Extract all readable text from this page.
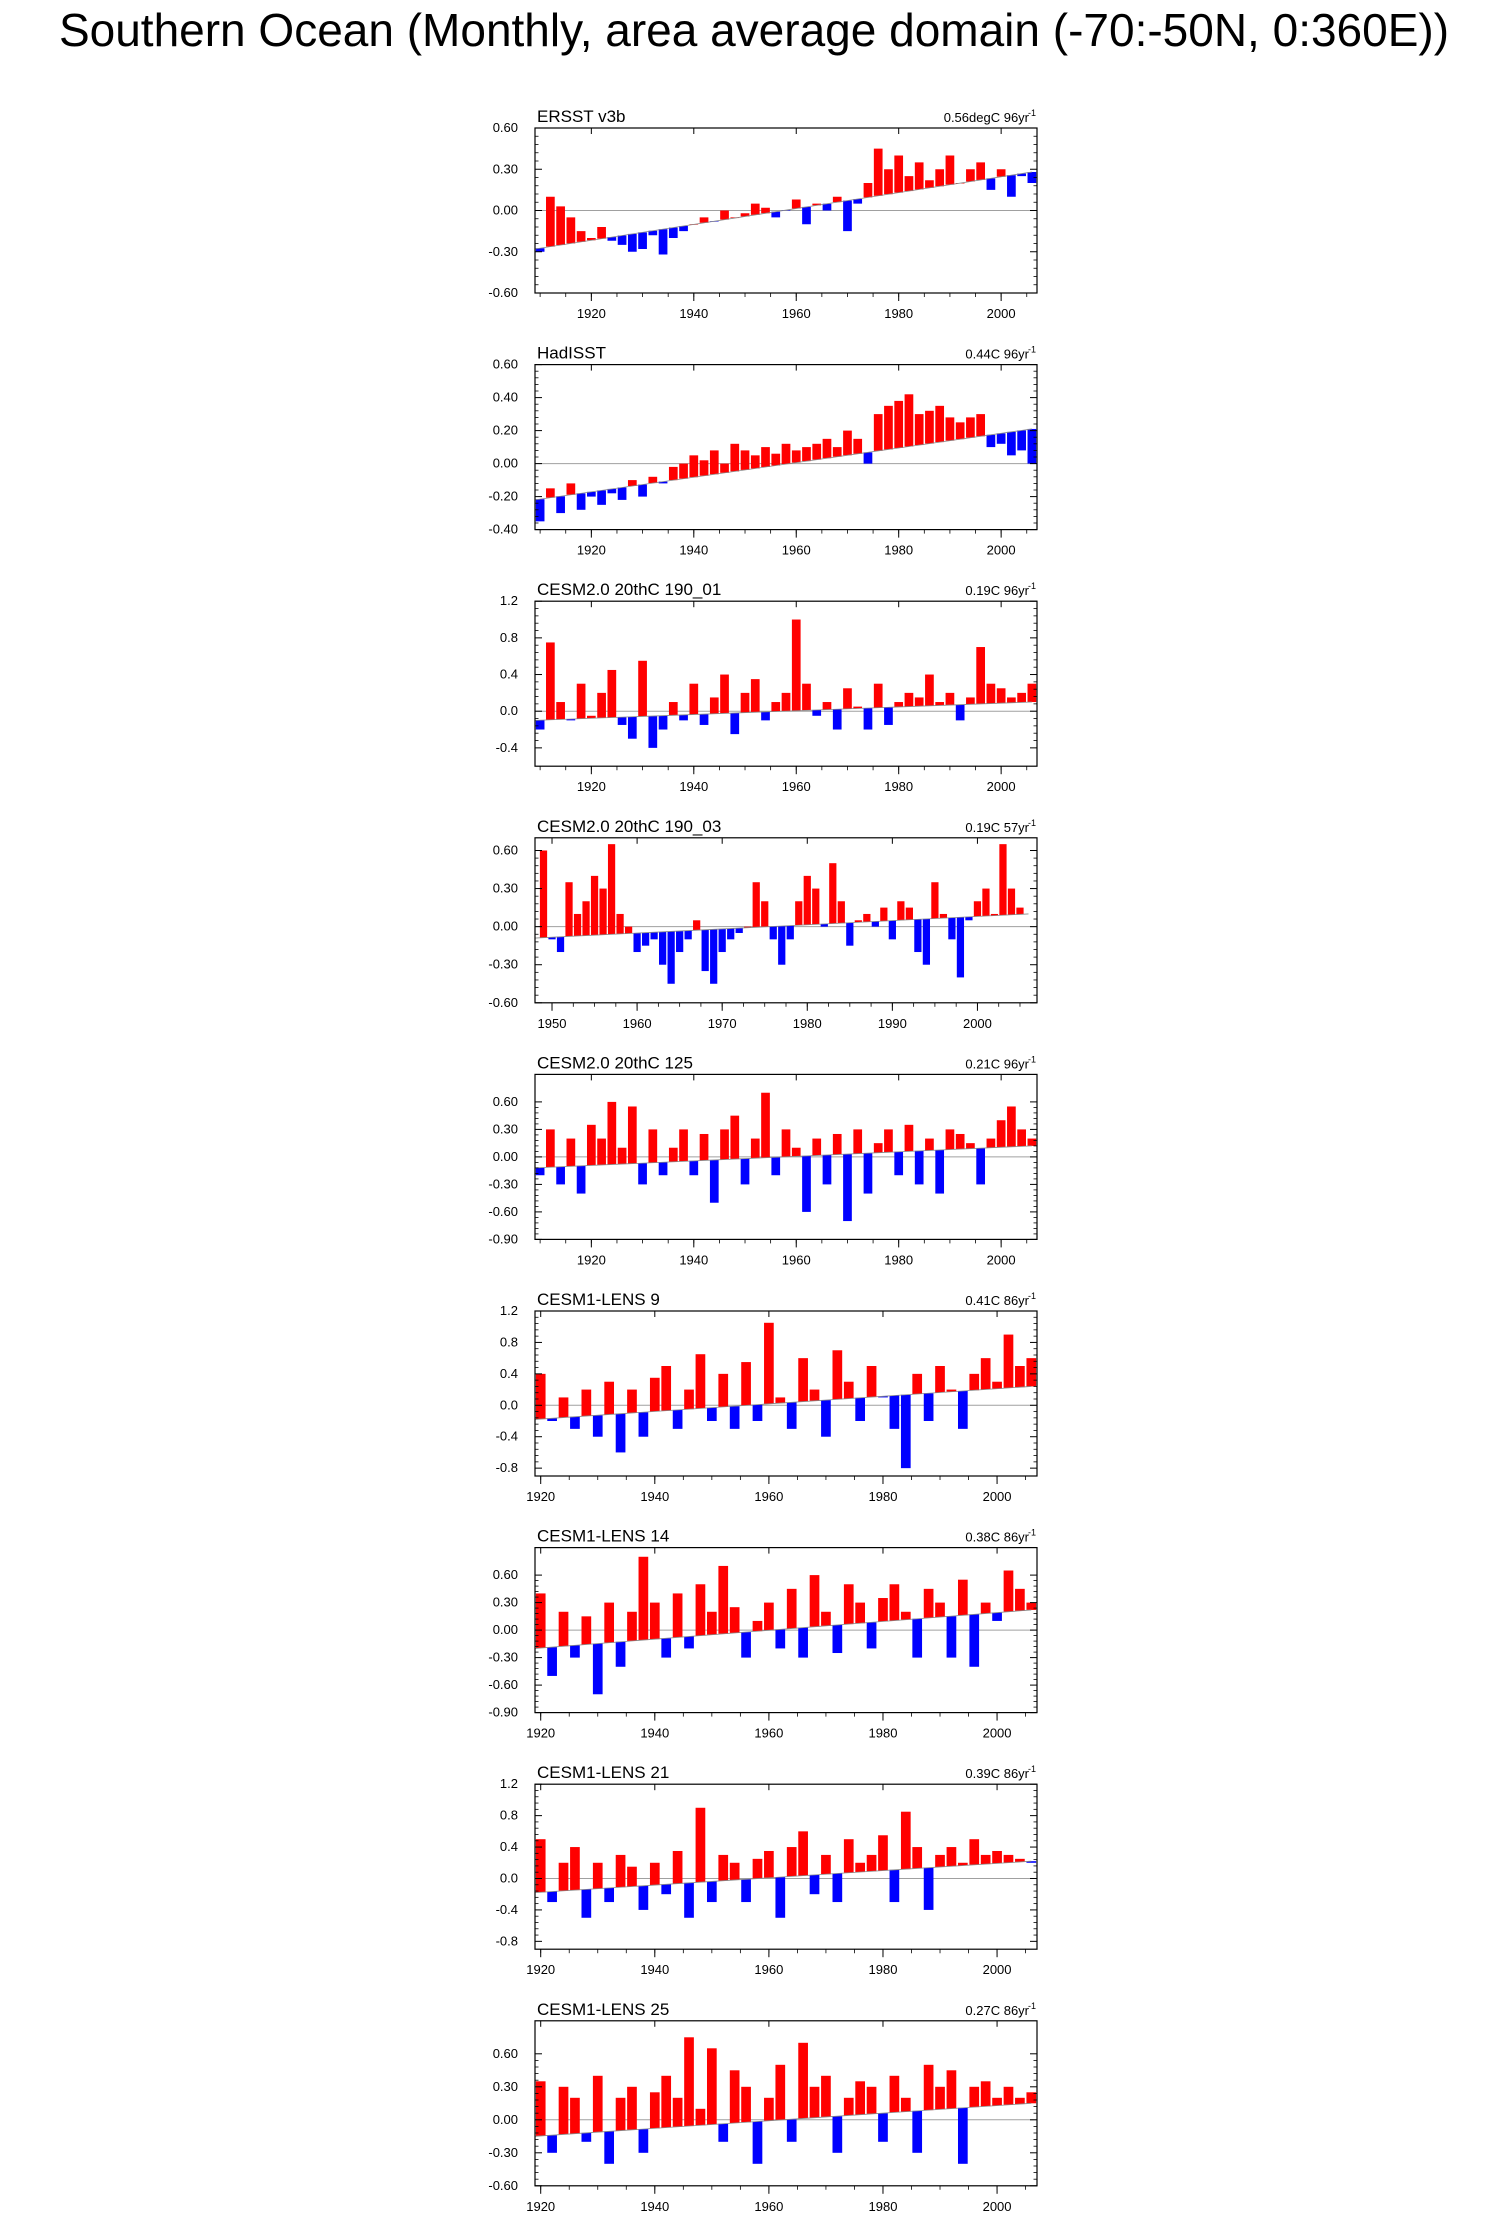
Southern Ocean (Monthly, area average domain (-70:-50N, 0:360E))
ERSST v3b	0.56degC 96yr
-1
-0.60
-0.30
0.00
0.30
0.60
1920	1940	1960	1980	2000
HadISST	0.44C 96yr
-1
-0.40
-0.20
0.00
0.20
0.40
0.60
1920	1940	1960	1980	2000
CESM2.0 20thC 190_01	0.19C 96yr
-1
-0.4
0.0
0.4
0.8
1.2
1920	1940	1960	1980	2000
CESM2.0 20thC 190_03	0.19C 57yr
-1
-0.60
-0.30
0.00
0.30
0.60
1950	1960	1970	1980	1990	2000
CESM2.0 20thC 125	0.21C 96yr
-1
-0.90
-0.60
-0.30
0.00
0.30
0.60
1920	1940	1960	1980	2000
CESM1-LENS 9	0.41C 86yr
-1
-0.8
-0.4
0.0
0.4
0.8
1.2
1920	1940	1960	1980	2000
CESM1-LENS 14	0.38C 86yr
-1
-0.90
-0.60
-0.30
0.00
0.30
0.60
1920	1940	1960	1980	2000
CESM1-LENS 21	0.39C 86yr
-1
-0.8
-0.4
0.0
0.4
0.8
1.2
1920	1940	1960	1980	2000
CESM1-LENS 25	0.27C 86yr
-1
-0.60
-0.30
0.00
0.30
0.60
1920	1940	1960	1980	2000
